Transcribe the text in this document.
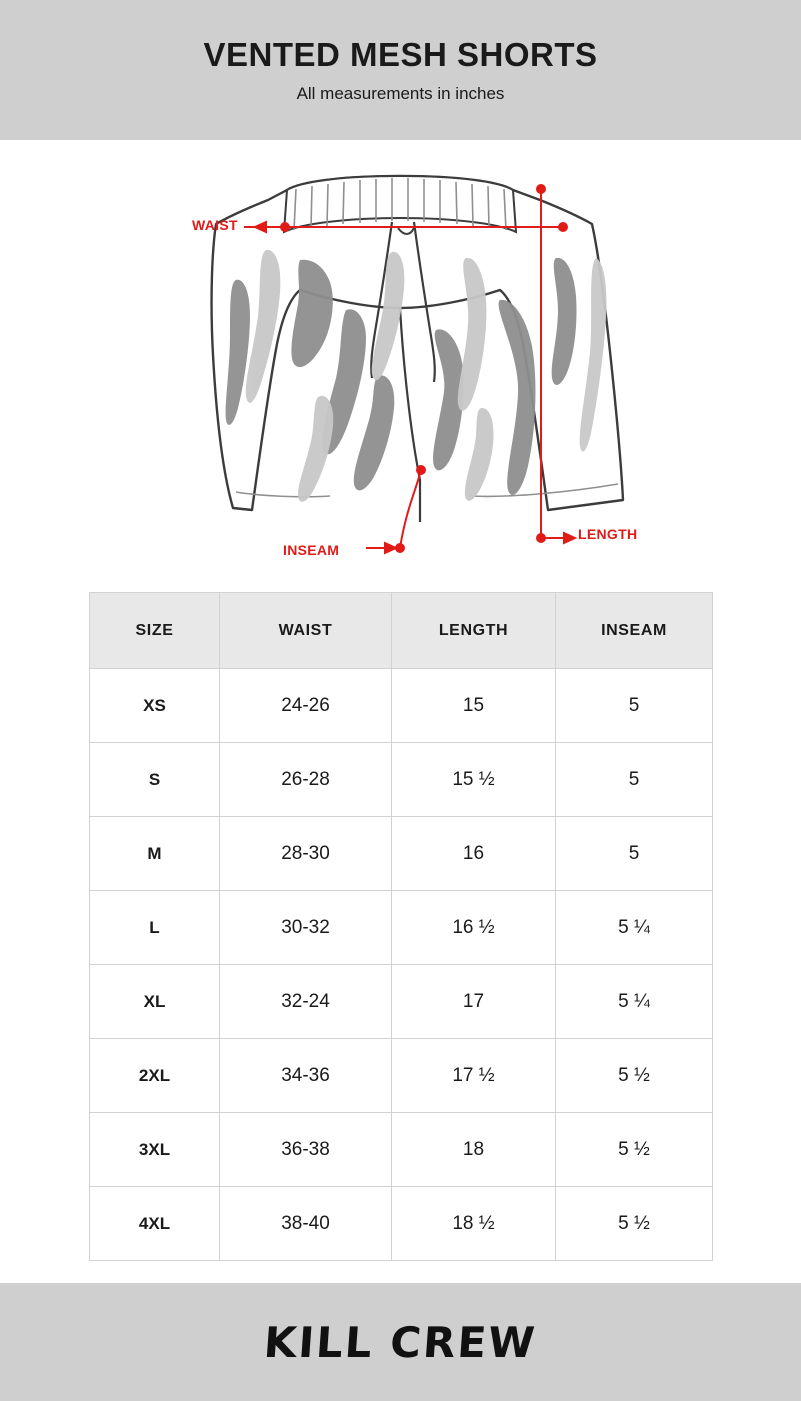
VENTED MESH SHORTS
All measurements in inches
WAIST
LENGTH
INSEAM
SIZE	WAIST	LENGTH	INSEAM
XS	24-26	15	5
S	26-28	15 ½	5
M	28-30	16	5
L	30-32	16 ½	5 ¼
XL	32-24	17	5 ¼
2XL	34-36	17 ½	5 ½
3XL	36-38	18	5 ½
4XL	38-40	18 ½	5 ½
KILL CREW
